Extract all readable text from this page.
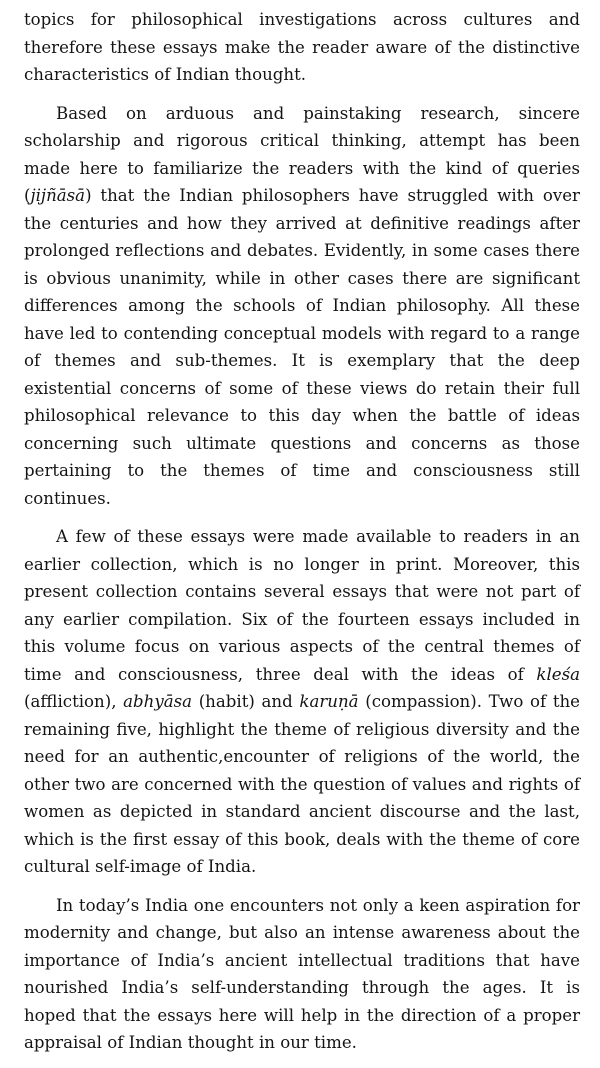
topics for philosophical investigations across cultures and therefore these essays make the reader aware of the distinctive characteristics of Indian thought.

Based on arduous and painstaking research, sincere scholarship and rigorous critical thinking, attempt has been made here to familiarize the readers with the kind of queries (jijñāsā) that the Indian philosophers have struggled with over the centuries and how they arrived at definitive readings after prolonged reflections and debates. Evidently, in some cases there is obvious unanimity, while in other cases there are significant differences among the schools of Indian philosophy. All these have led to contending conceptual models with regard to a range of themes and sub-themes. It is exemplary that the deep existential concerns of some of these views do retain their full philosophical relevance to this day when the battle of ideas concerning such ultimate questions and concerns as those pertaining to the themes of time and consciousness still continues.

A few of these essays were made available to readers in an earlier collection, which is no longer in print. Moreover, this present collection contains several essays that were not part of any earlier compilation. Six of the fourteen essays included in this volume focus on various aspects of the central themes of time and consciousness, three deal with the ideas of kleśa (affliction), abhyāsa (habit) and karuṇā (compassion). Two of the remaining five, highlight the theme of religious diversity and the need for an authentic,encounter of religions of the world, the other two are concerned with the question of values and rights of women as depicted in standard ancient discourse and the last, which is the first essay of this book, deals with the theme of core cultural self-image of India.

In today’s India one encounters not only a keen aspiration for modernity and change, but also an intense awareness about the importance of India’s ancient intellectual traditions that have nourished India’s self-understanding through the ages. It is hoped that the essays here will help in the direction of a proper appraisal of Indian thought in our time.
